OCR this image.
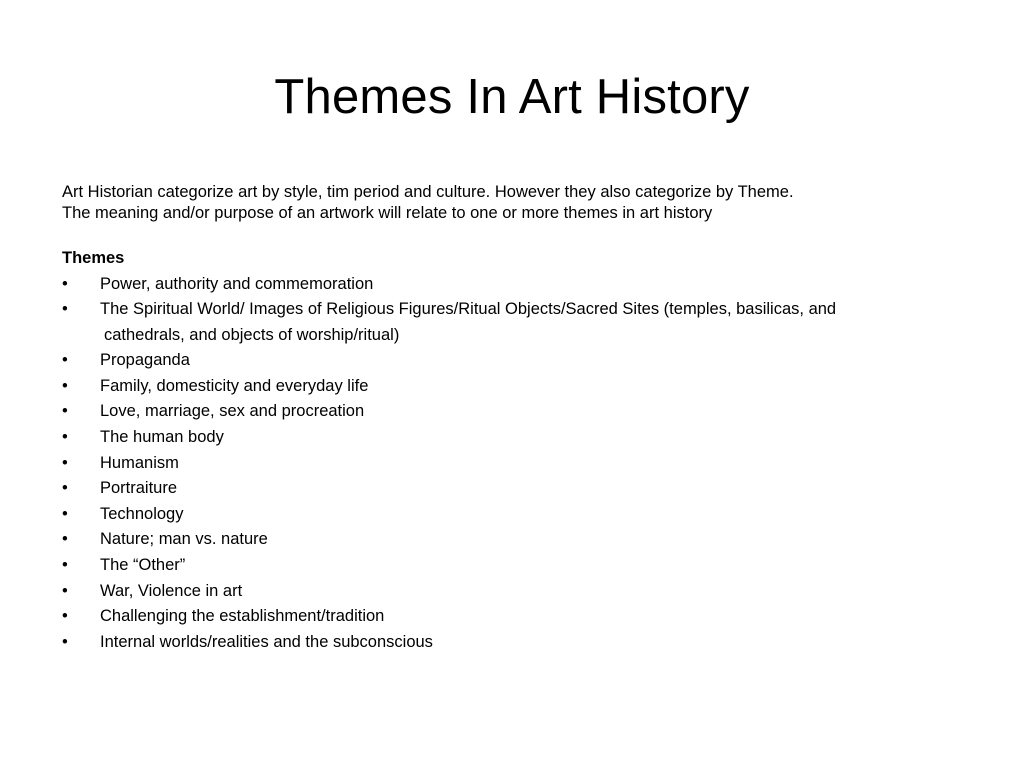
Themes In Art History

Art Historian categorize art by style, tim period and culture. However they also categorize by Theme.
The meaning and/or purpose of an artwork will relate to one or more themes in art history

Themes
• Power, authority and commemoration
• The Spiritual World/ Images of Religious Figures/Ritual Objects/Sacred Sites (temples, basilicas, and
cathedrals, and objects of worship/ritual)
• Propaganda
• Family, domesticity and everyday life
• Love, marriage, sex and procreation
• The human body
• Humanism
• Portraiture
• Technology
• Nature; man vs. nature
• The “Other”
• War, Violence in art
• Challenging the establishment/tradition
• Internal worlds/realities and the subconscious
